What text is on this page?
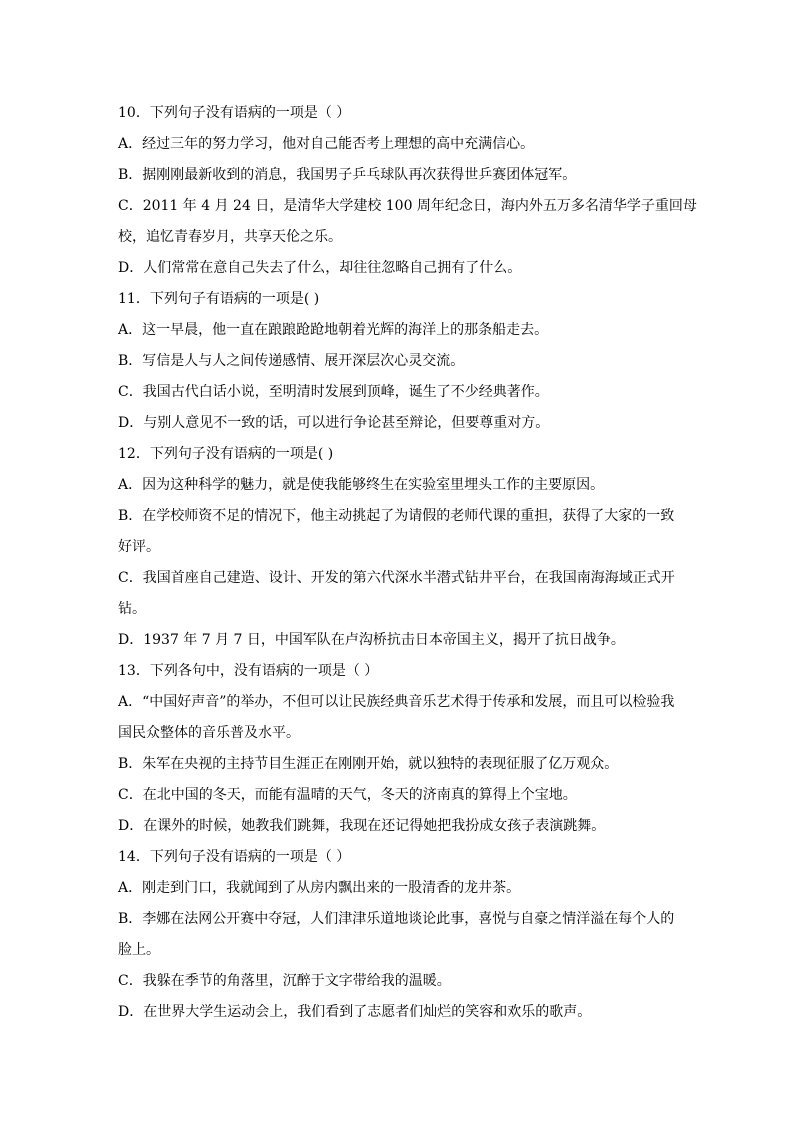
10．下列句子没有语病的一项是（ ）
A．经过三年的努力学习，他对自己能否考上理想的高中充满信心。
B．据刚刚最新收到的消息，我国男子乒乓球队再次获得世乒赛团体冠军。
C．2011 年 4 月 24 日，是清华大学建校 100 周年纪念日，海内外五万多名清华学子重回母
校，追忆青春岁月，共享天伦之乐。
D．人们常常在意自己失去了什么，却往往忽略自己拥有了什么。
11．下列句子有语病的一项是( )
A．这一早晨，他一直在踉踉跄跄地朝着光辉的海洋上的那条船走去。
B．写信是人与人之间传递感情、展开深层次心灵交流。
C．我国古代白话小说，至明清时发展到顶峰，诞生了不少经典著作。
D．与别人意见不一致的话，可以进行争论甚至辩论，但要尊重对方。
12．下列句子没有语病的一项是( )
A．因为这种科学的魅力，就是使我能够终生在实验室里埋头工作的主要原因。
B．在学校师资不足的情况下，他主动挑起了为请假的老师代课的重担，获得了大家的一致
好评。
C．我国首座自己建造、设计、开发的第六代深水半潜式钻井平台，在我国南海海域正式开
钻。
D．1937 年 7 月 7 日，中国军队在卢沟桥抗击日本帝国主义，揭开了抗日战争。
13．下列各句中，没有语病的一项是（ ）
A．“中国好声音”的举办，不但可以让民族经典音乐艺术得于传承和发展，而且可以检验我
国民众整体的音乐普及水平。
B．朱军在央视的主持节目生涯正在刚刚开始，就以独特的表现征服了亿万观众。
C．在北中国的冬天，而能有温晴的天气，冬天的济南真的算得上个宝地。
D．在课外的时候，她教我们跳舞，我现在还记得她把我扮成女孩子表演跳舞。
14．下列句子没有语病的一项是（ ）
A．刚走到门口，我就闻到了从房内飘出来的一股清香的龙井茶。
B．李娜在法网公开赛中夺冠，人们津津乐道地谈论此事，喜悦与自豪之情洋溢在每个人的
脸上。
C．我躲在季节的角落里，沉醉于文字带给我的温暖。
D．在世界大学生运动会上，我们看到了志愿者们灿烂的笑容和欢乐的歌声。
